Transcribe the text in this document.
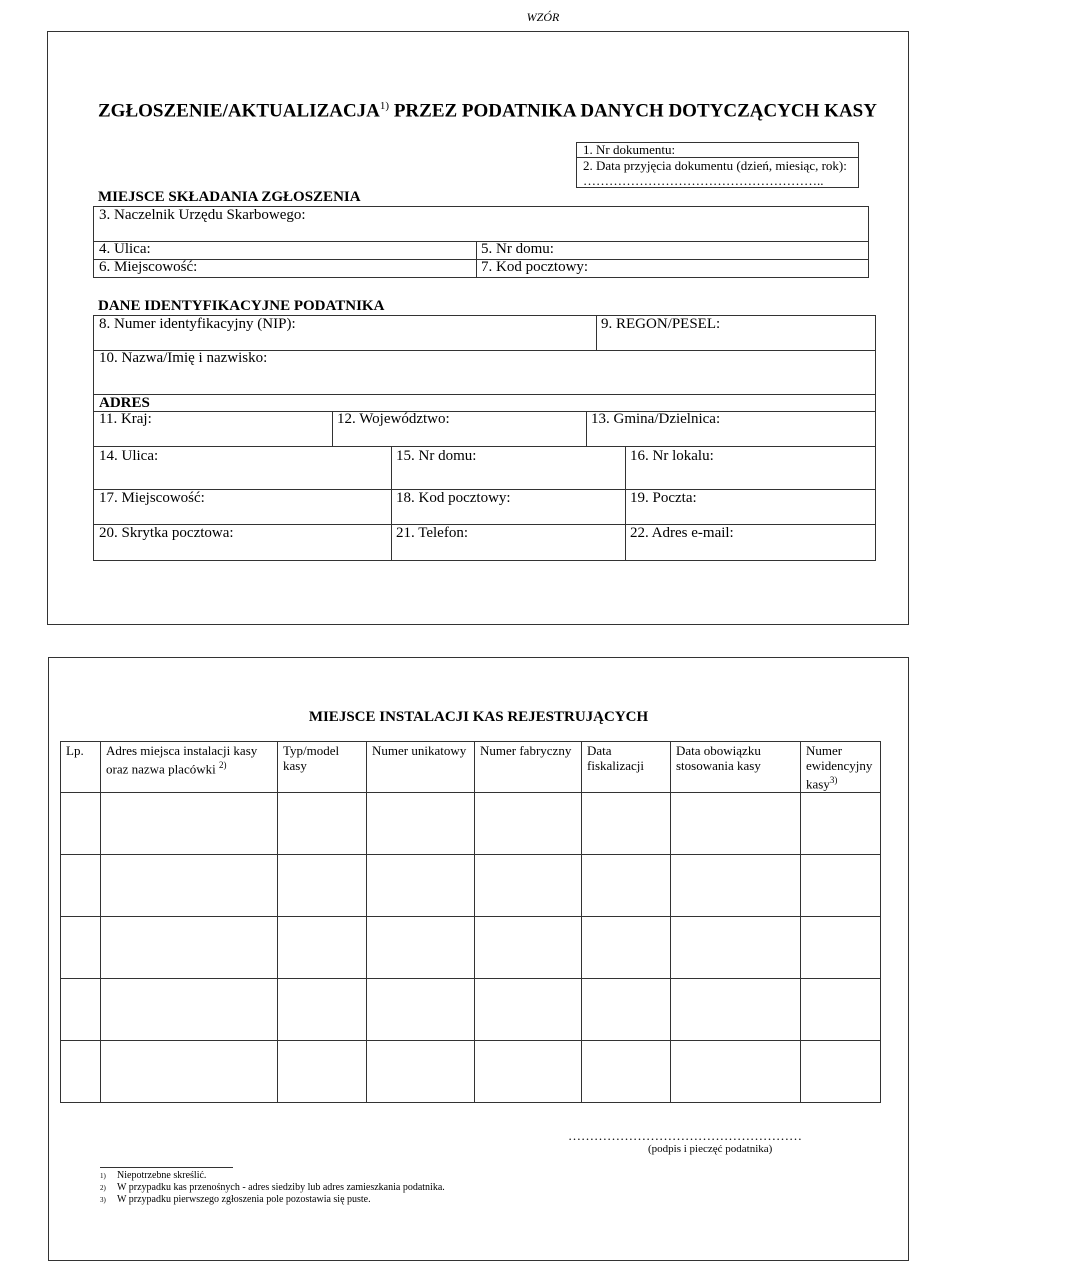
WZÓR
ZGŁOSZENIE/AKTUALIZACJA$^{1)}$ PRZEZ PODATNIKA DANYCH DOTYCZĄCYCH KASY
1. Nr dokumentu:
2. Data przyjęcia dokumentu (dzień, miesiąc, rok):
………………………………………………..
MIEJSCE SKŁADANIA ZGŁOSZENIA
3. Naczelnik Urzędu Skarbowego:
4. Ulica:	5. Nr domu:
6. Miejscowość:	7. Kod pocztowy:
DANE IDENTYFIKACYJNE PODATNIKA
8. Numer identyfikacyjny (NIP):	9. REGON/PESEL:
10. Nazwa/Imię i nazwisko:
ADRES
11. Kraj:	12. Województwo:	13. Gmina/Dzielnica:
14. Ulica:	15. Nr domu:	16. Nr lokalu:
17. Miejscowość:	18. Kod pocztowy:	19. Poczta:
20. Skrytka pocztowa:	21. Telefon:	22. Adres e-mail:
MIEJSCE INSTALACJI KAS REJESTRUJĄCYCH
Lp.	Adres miejsca instalacji kasy oraz nazwa placówki $^{2)}$	Typ/model kasy	Numer unikatowy	Numer fabryczny	Data fiskalizacji	Data obowiązku stosowania kasy	Numer ewidencyjny kasy$^{3)}$

………………………………………………
(podpis i pieczęć podatnika)
$^{1)}$ Niepotrzebne skreślić.
$^{2)}$ W przypadku kas przenośnych - adres siedziby lub adres zamieszkania podatnika.
$^{3)}$ W przypadku pierwszego zgłoszenia pole pozostawia się puste.
